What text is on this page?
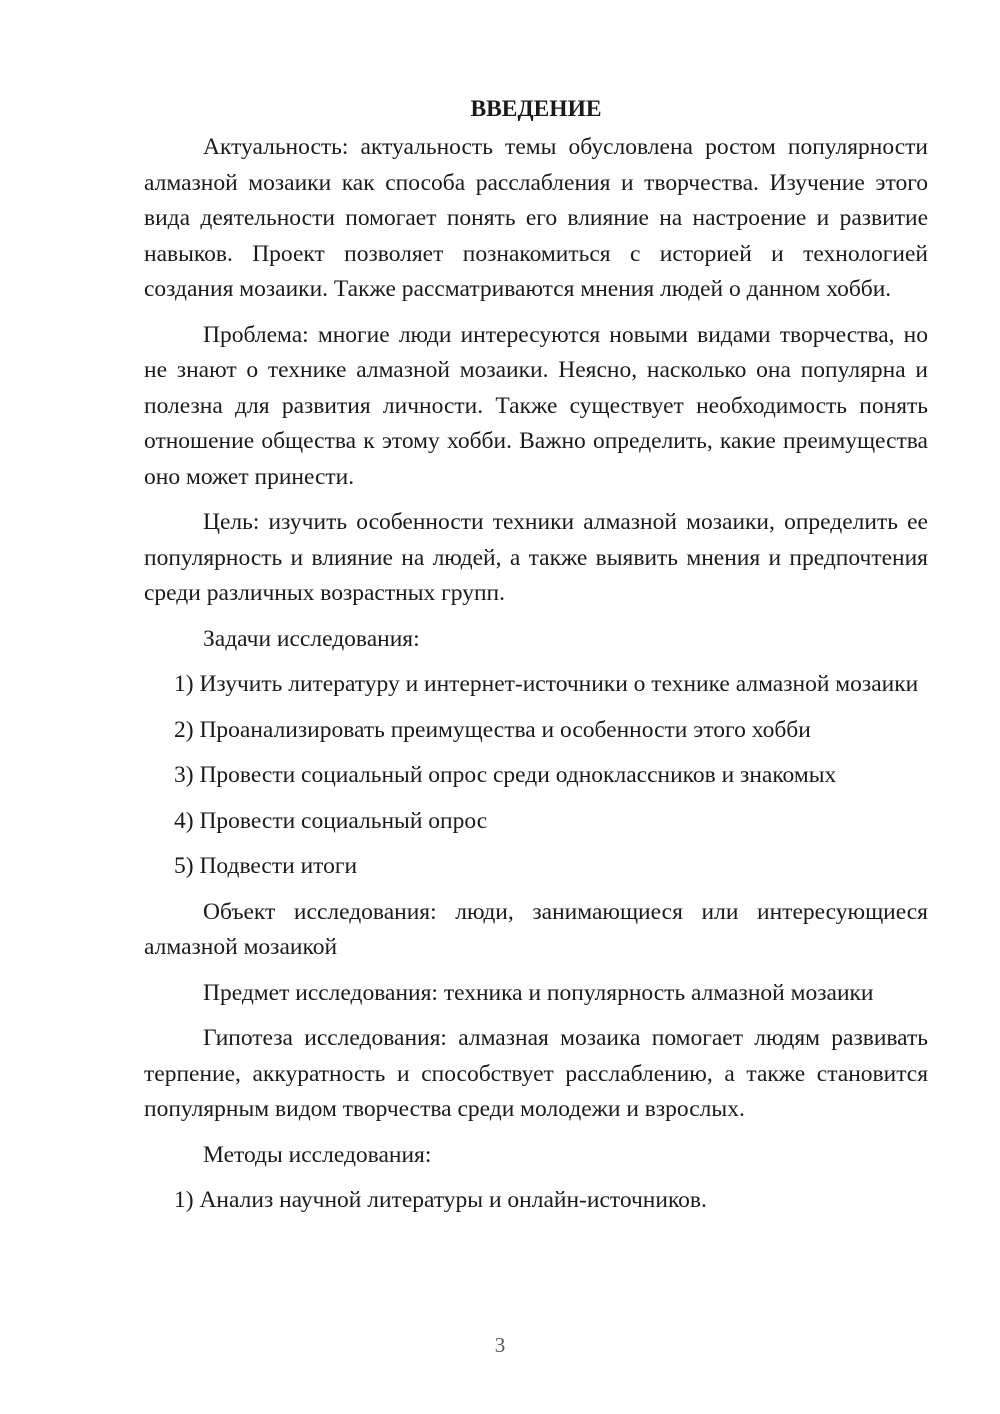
ВВЕДЕНИЕ

Актуальность: актуальность темы обусловлена ростом популярности алмазной мозаики как способа расслабления и творчества. Изучение этого вида деятельности помогает понять его влияние на настроение и развитие навыков. Проект позволяет познакомиться с историей и технологией создания мозаики. Также рассматриваются мнения людей о данном хобби.

Проблема: многие люди интересуются новыми видами творчества, но не знают о технике алмазной мозаики. Неясно, насколько она популярна и полезна для развития личности. Также существует необходимость понять отношение общества к этому хобби. Важно определить, какие преимущества оно может принести.

Цель: изучить особенности техники алмазной мозаики, определить ее популярность и влияние на людей, а также выявить мнения и предпочтения среди различных возрастных групп.

Задачи исследования:

1) Изучить литературу и интернет-источники о технике алмазной мозаики

2) Проанализировать преимущества и особенности этого хобби

3) Провести социальный опрос среди одноклассников и знакомых

4) Провести социальный опрос

5) Подвести итоги

Объект исследования: люди, занимающиеся или интересующиеся алмазной мозаикой

Предмет исследования: техника и популярность алмазной мозаики

Гипотеза исследования: алмазная мозаика помогает людям развивать терпение, аккуратность и способствует расслаблению, а также становится популярным видом творчества среди молодежи и взрослых.

Методы исследования:

1) Анализ научной литературы и онлайн-источников.

3
